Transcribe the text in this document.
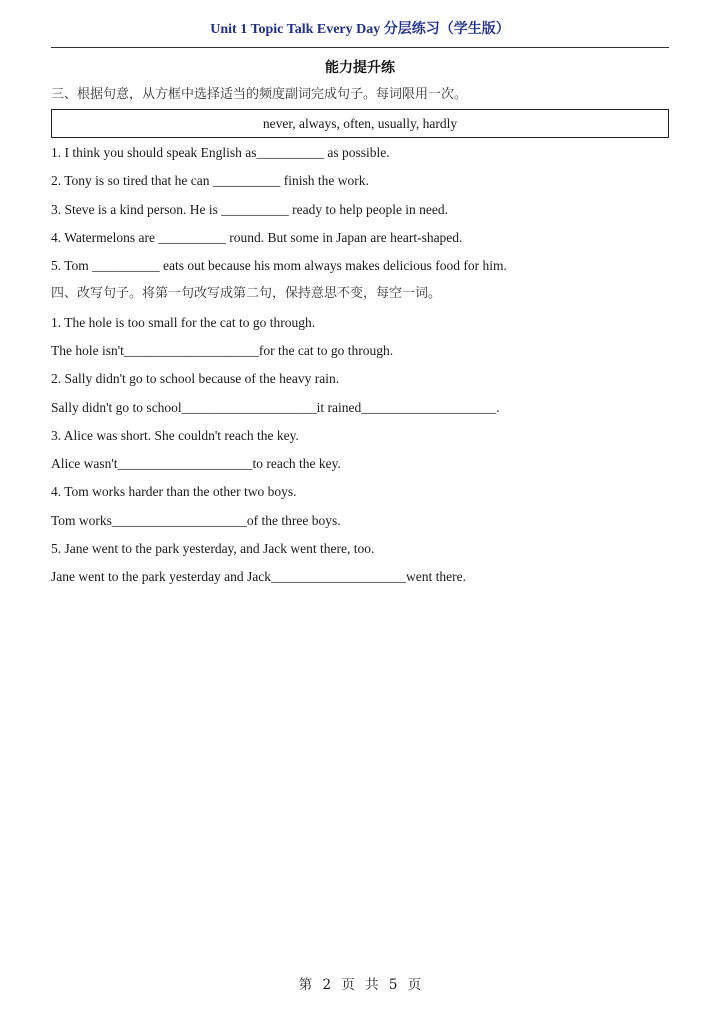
Unit 1 Topic Talk Every Day 分层练习（学生版）
能力提升练
三、根据句意，从方框中选择适当的频度副词完成句子。每词限用一次。
never, always, often, usually, hardly
1. I think you should speak English as__________ as possible.
2. Tony is so tired that he can __________ finish the work.
3. Steve is a kind person. He is __________ ready to help people in need.
4. Watermelons are __________ round. But some in Japan are heart-shaped.
5. Tom __________ eats out because his mom always makes delicious food for him.
四、改写句子。将第一句改写成第二句，保持意思不变，每空一词。
1. The hole is too small for the cat to go through.
The hole isn't____________________for the cat to go through.
2. Sally didn't go to school because of the heavy rain.
Sally didn't go to school____________________it rained____________________.
3. Alice was short. She couldn't reach the key.
Alice wasn't____________________to reach the key.
4. Tom works harder than the other two boys.
Tom works____________________of the three boys.
5. Jane went to the park yesterday, and Jack went there, too.
Jane went to the park yesterday and Jack____________________went there.
第 2 页 共 5 页
